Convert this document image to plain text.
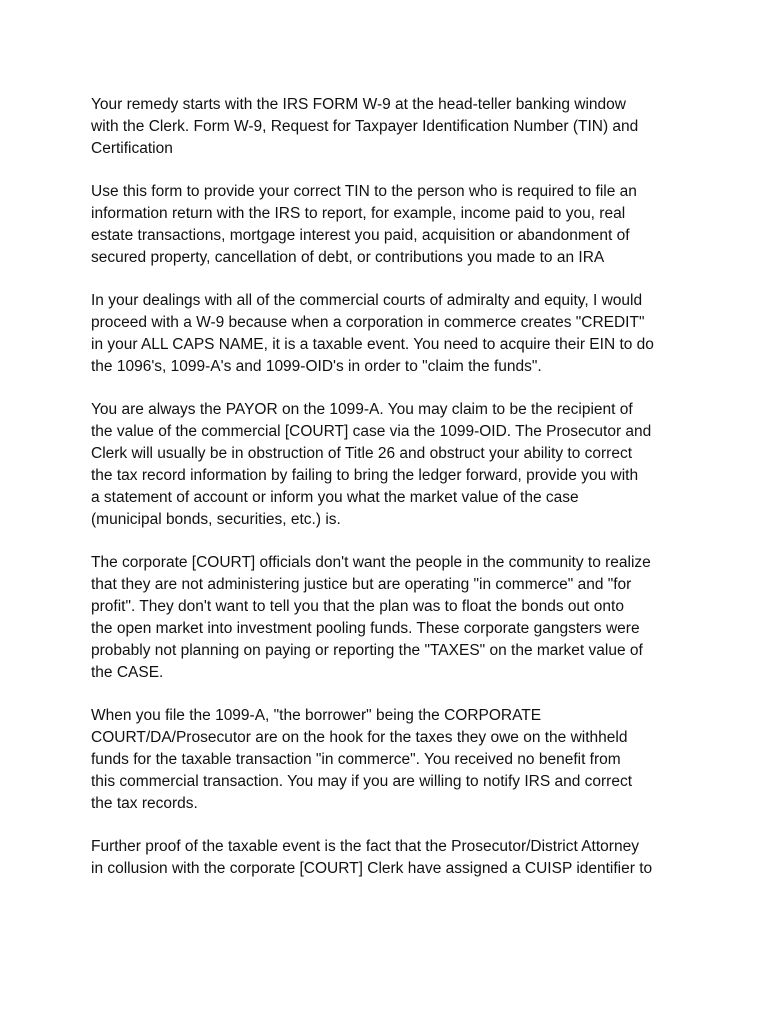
Your remedy starts with the IRS FORM W-9 at the head-teller banking window
with the Clerk. Form W-9, Request for Taxpayer Identification Number (TIN) and
Certification

Use this form to provide your correct TIN to the person who is required to file an
information return with the IRS to report, for example, income paid to you, real
estate transactions, mortgage interest you paid, acquisition or abandonment of
secured property, cancellation of debt, or contributions you made to an IRA

In your dealings with all of the commercial courts of admiralty and equity, I would
proceed with a W-9 because when a corporation in commerce creates "CREDIT"
in your ALL CAPS NAME, it is a taxable event. You need to acquire their EIN to do
the 1096's, 1099-A's and 1099-OID's in order to "claim the funds".

You are always the PAYOR on the 1099-A. You may claim to be the recipient of
the value of the commercial [COURT] case via the 1099-OID. The Prosecutor and
Clerk will usually be in obstruction of Title 26 and obstruct your ability to correct
the tax record information by failing to bring the ledger forward, provide you with
a statement of account or inform you what the market value of the case
(municipal bonds, securities, etc.) is.

The corporate [COURT] officials don't want the people in the community to realize
that they are not administering justice but are operating "in commerce" and "for
profit". They don't want to tell you that the plan was to float the bonds out onto
the open market into investment pooling funds. These corporate gangsters were
probably not planning on paying or reporting the "TAXES" on the market value of
the CASE.

When you file the 1099-A, "the borrower" being the CORPORATE
COURT/DA/Prosecutor are on the hook for the taxes they owe on the withheld
funds for the taxable transaction "in commerce". You received no benefit from
this commercial transaction. You may if you are willing to notify IRS and correct
the tax records.

Further proof of the taxable event is the fact that the Prosecutor/District Attorney
in collusion with the corporate [COURT] Clerk have assigned a CUISP identifier to
